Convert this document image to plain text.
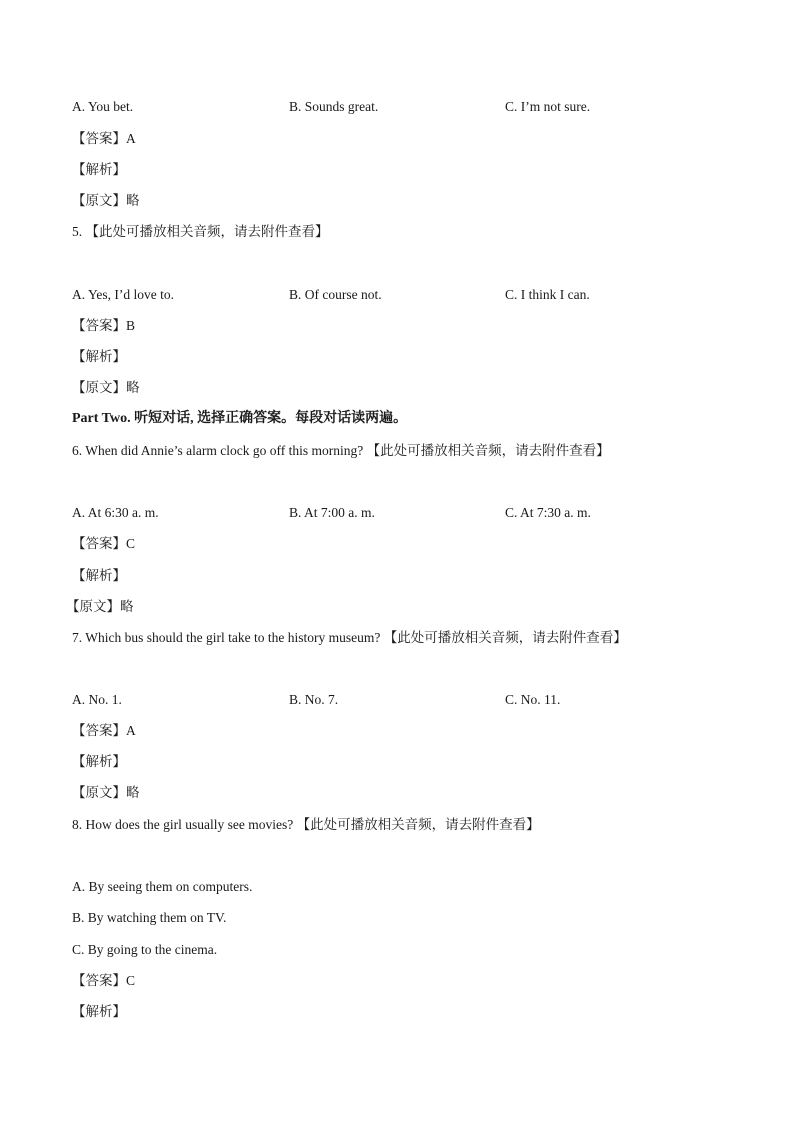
A. You bet.	B. Sounds great.	C. I’m not sure.
【答案】A
【解析】
【原文】略
5. 【此处可播放相关音频，请去附件查看】
A. Yes, I’d love to.	B. Of course not.	C. I think I can.
【答案】B
【解析】
【原文】略
Part Two. 听短对话, 选择正确答案。每段对话读两遍。
6. When did Annie’s alarm clock go off this morning? 【此处可播放相关音频，请去附件查看】
A. At 6:30 a. m.	B. At 7:00 a. m.	C. At 7:30 a. m.
【答案】C
【解析】
【原文】略
7. Which bus should the girl take to the history museum? 【此处可播放相关音频，请去附件查看】
A. No. 1.	B. No. 7.	C. No. 11.
【答案】A
【解析】
【原文】略
8. How does the girl usually see movies? 【此处可播放相关音频，请去附件查看】
A. By seeing them on computers.
B. By watching them on TV.
C. By going to the cinema.
【答案】C
【解析】
